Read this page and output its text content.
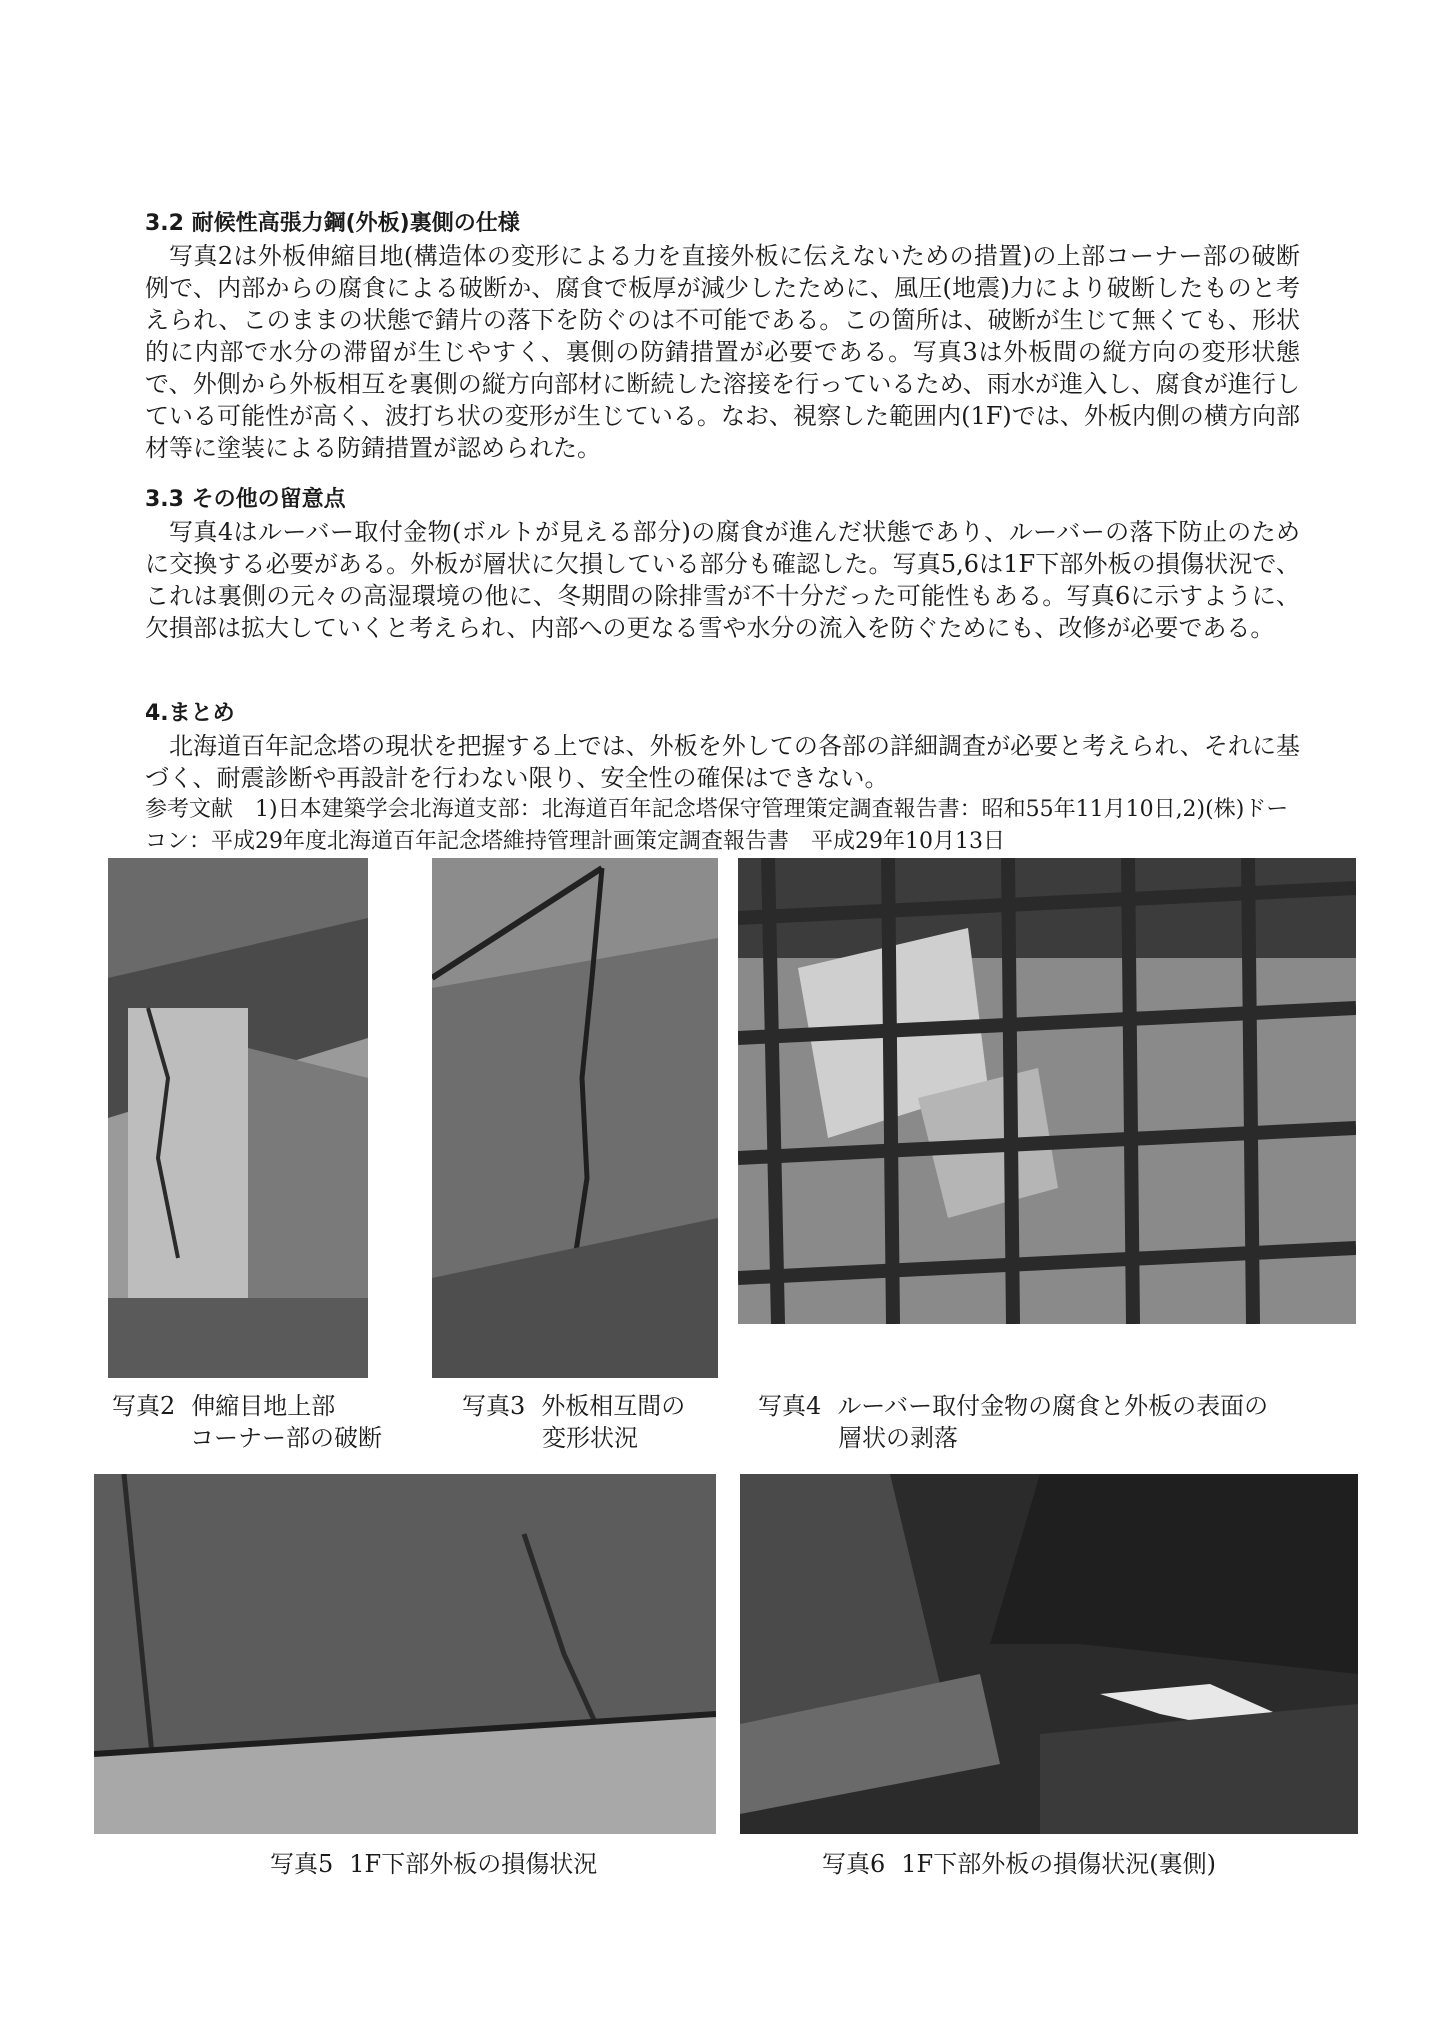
3.2 耐候性高張力鋼(外板)裏側の仕様

写真2は外板伸縮目地(構造体の変形による力を直接外板に伝えないための措置)の上部コーナー部の破断例で、内部からの腐食による破断か、腐食で板厚が減少したために、風圧(地震)力により破断したものと考えられ、このままの状態で錆片の落下を防ぐのは不可能である。この箇所は、破断が生じて無くても、形状的に内部で水分の滞留が生じやすく、裏側の防錆措置が必要である。写真3は外板間の縦方向の変形状態で、外側から外板相互を裏側の縦方向部材に断続した溶接を行っているため、雨水が進入し、腐食が進行している可能性が高く、波打ち状の変形が生じている。なお、視察した範囲内(1F)では、外板内側の横方向部材等に塗装による防錆措置が認められた。

3.3 その他の留意点

写真4はルーバー取付金物(ボルトが見える部分)の腐食が進んだ状態であり、ルーバーの落下防止のために交換する必要がある。外板が層状に欠損している部分も確認した。写真5,6は1F下部外板の損傷状況で、これは裏側の元々の高湿環境の他に、冬期間の除排雪が不十分だった可能性もある。写真6に示すように、欠損部は拡大していくと考えられ、内部への更なる雪や水分の流入を防ぐためにも、改修が必要である。

4.まとめ

北海道百年記念塔の現状を把握する上では、外板を外しての各部の詳細調査が必要と考えられ、それに基づく、耐震診断や再設計を行わない限り、安全性の確保はできない。

参考文献　1)日本建築学会北海道支部：北海道百年記念塔保守管理策定調査報告書：昭和55年11月10日,2)(株)ドーコン：平成29年度北海道百年記念塔維持管理計画策定調査報告書　平成29年10月13日

写真2 伸縮目地上部
コーナー部の破断
写真3 外板相互間の
変形状況
写真4 ルーバー取付金物の腐食と外板の表面の
層状の剥落
写真5 1F下部外板の損傷状況	写真6 1F下部外板の損傷状況(裏側)
